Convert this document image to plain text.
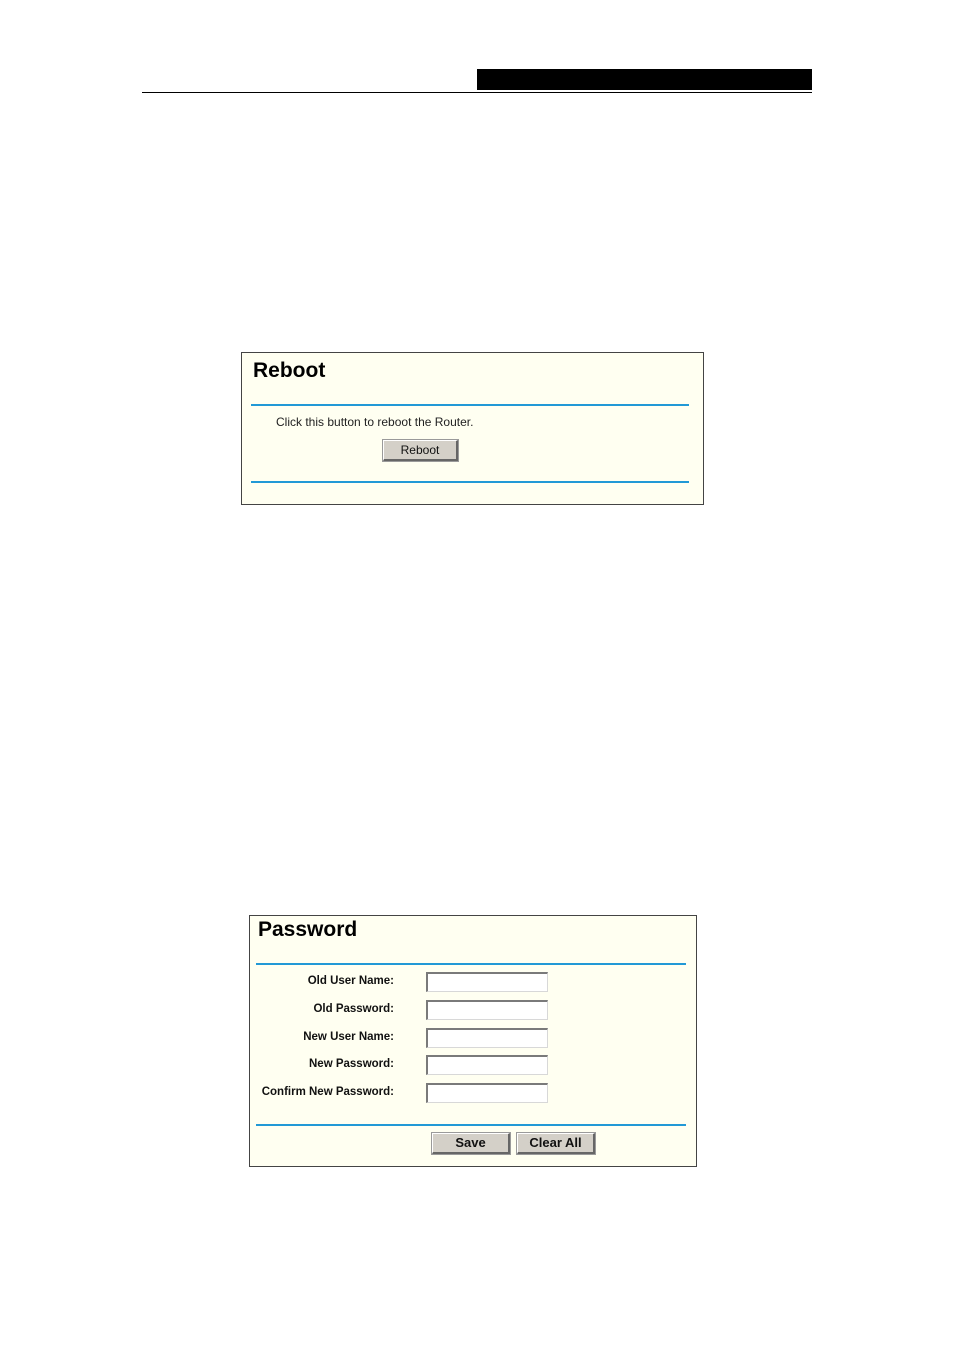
Reboot
Click this button to reboot the Router.
Reboot
Password
Old User Name:
Old Password:
New User Name:
New Password:
Confirm New Password:
Save	Clear All
